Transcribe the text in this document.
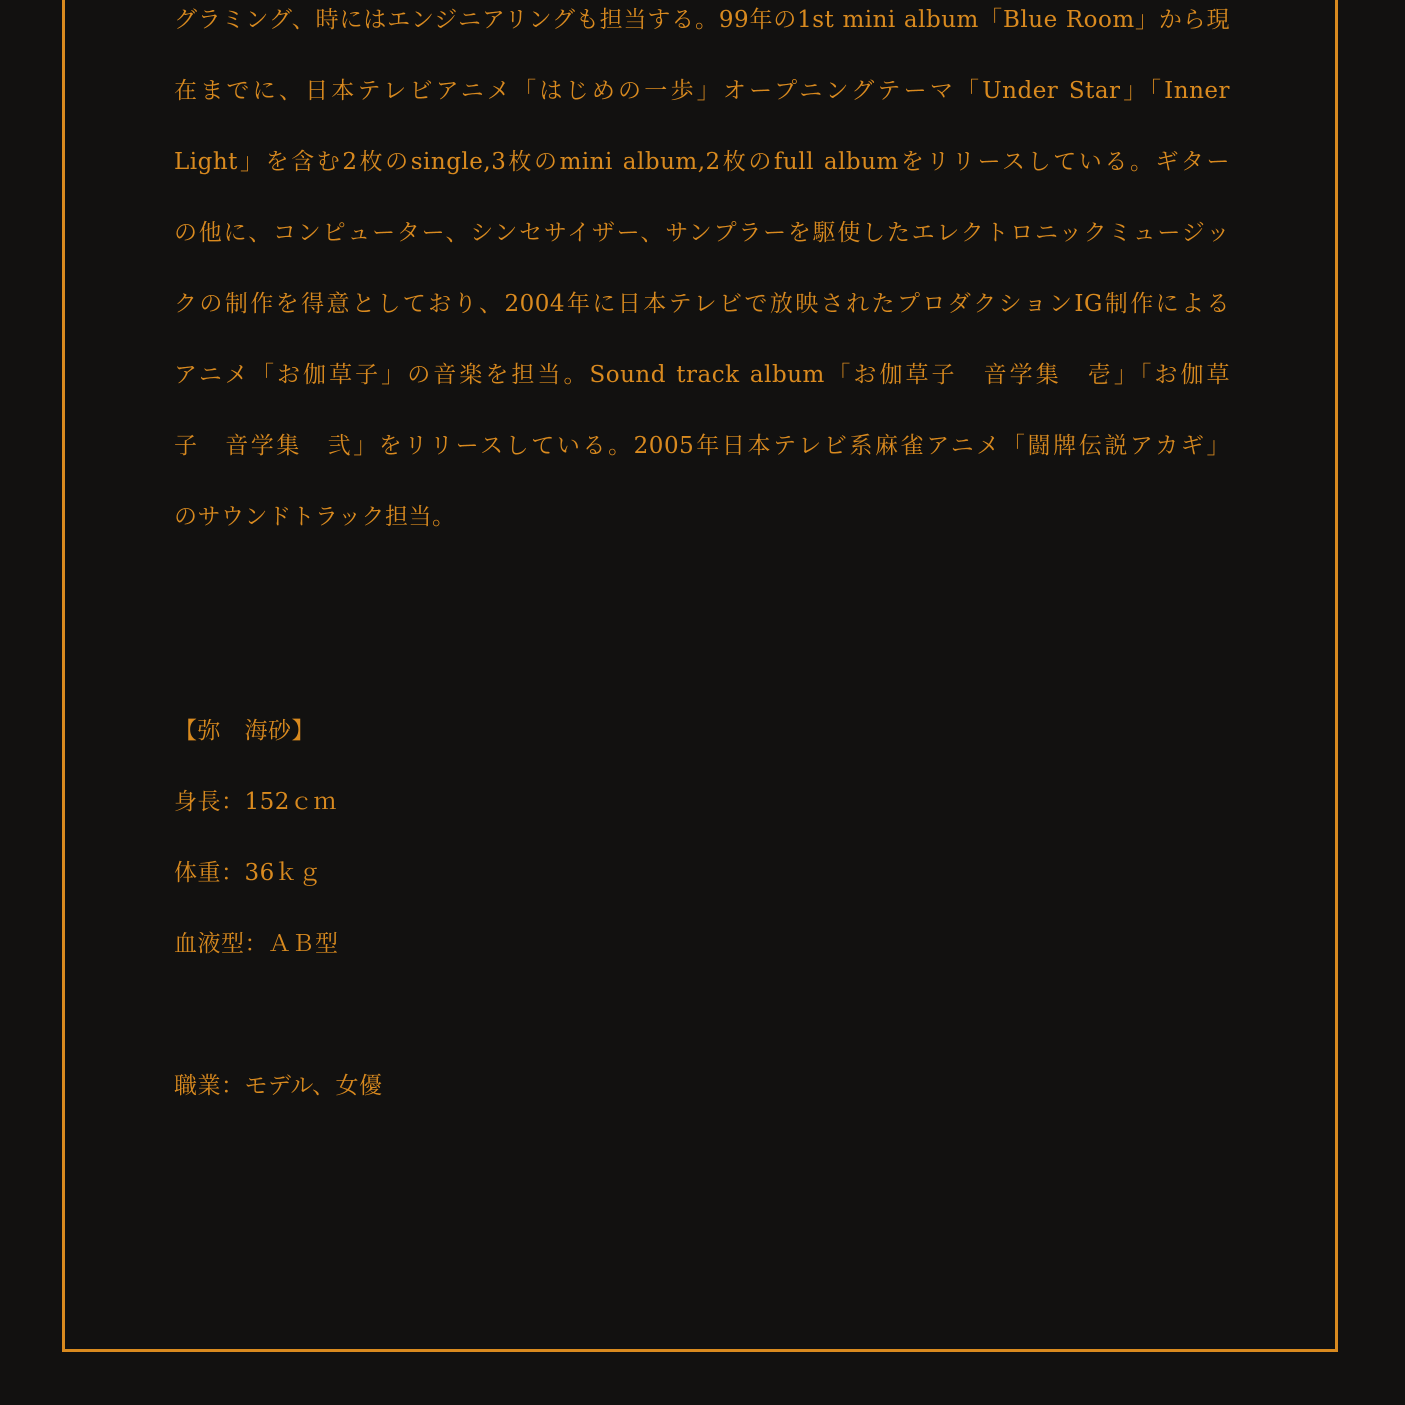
グラミング、時にはエンジニアリングも担当する。99年の1st mini album「Blue Room」から現
在までに、日本テレビアニメ「はじめの一歩」オープニングテーマ「Under Star」「Inner
Light」を含む2枚のsingle,3枚のmini album,2枚のfull albumをリリースしている。ギター
の他に、コンピューター、シンセサイザー、サンプラーを駆使したエレクトロニックミュージッ
クの制作を得意としており、2004年に日本テレビで放映されたプロダクションIG制作による
アニメ「お伽草子」の音楽を担当。Sound track album「お伽草子　音学集　壱」「お伽草
子　音学集　弐」をリリースしている。2005年日本テレビ系麻雀アニメ「闘牌伝説アカギ」
のサウンドトラック担当。
【弥　海砂】
身長：152ｃｍ
体重：36ｋｇ
血液型：ＡＢ型
職業：モデル、女優
